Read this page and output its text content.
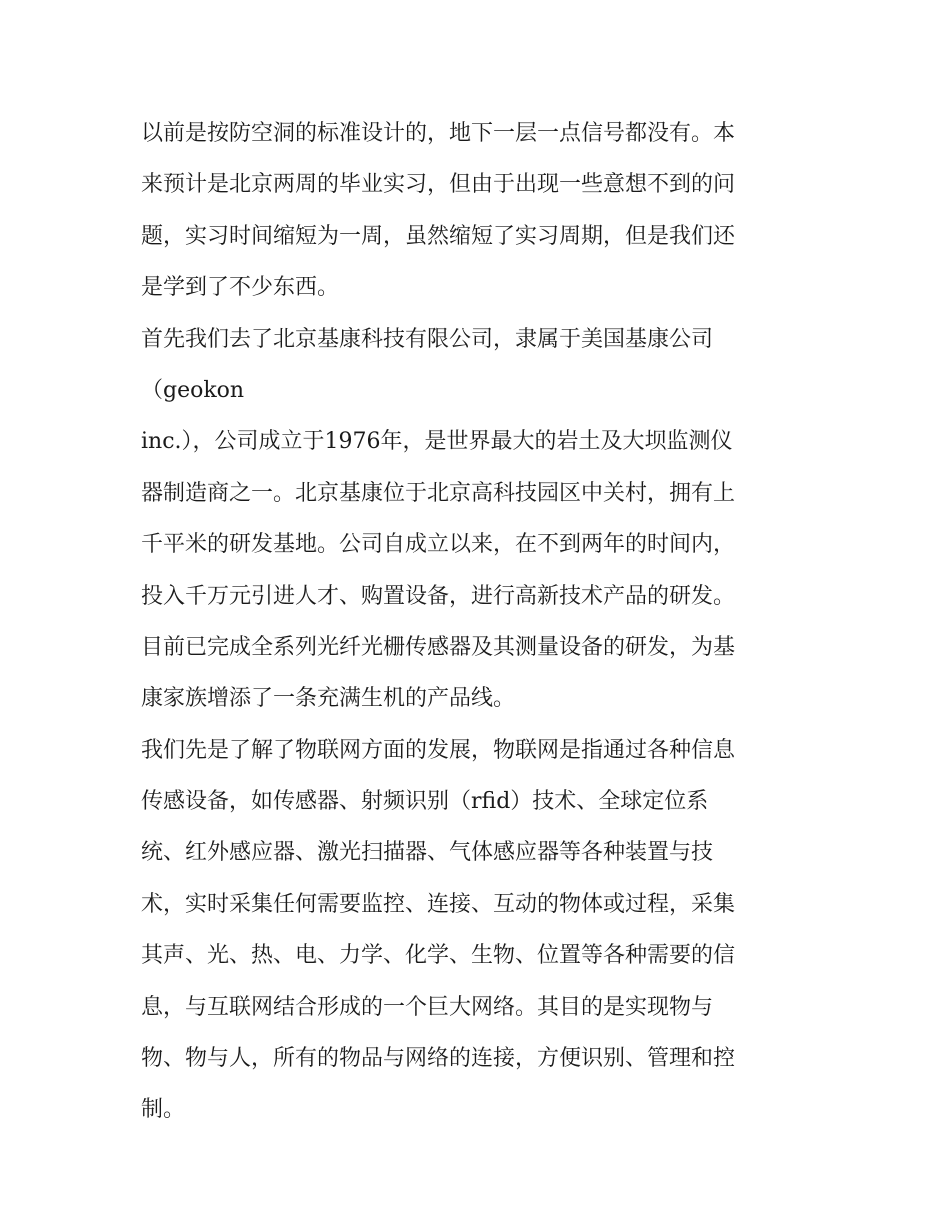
以前是按防空洞的标准设计的，地下一层一点信号都没有。本
来预计是北京两周的毕业实习，但由于出现一些意想不到的问
题，实习时间缩短为一周，虽然缩短了实习周期，但是我们还
是学到了不少东西。
首先我们去了北京基康科技有限公司，隶属于美国基康公司
（geokon
inc.），公司成立于1976年，是世界最大的岩土及大坝监测仪
器制造商之一。北京基康位于北京高科技园区中关村，拥有上
千平米的研发基地。公司自成立以来，在不到两年的时间内，
投入千万元引进人才、购置设备，进行高新技术产品的研发。
目前已完成全系列光纤光栅传感器及其测量设备的研发，为基
康家族增添了一条充满生机的产品线。
我们先是了解了物联网方面的发展，物联网是指通过各种信息
传感设备，如传感器、射频识别（rfid）技术、全球定位系
统、红外感应器、激光扫描器、气体感应器等各种装置与技
术，实时采集任何需要监控、连接、互动的物体或过程，采集
其声、光、热、电、力学、化学、生物、位置等各种需要的信
息，与互联网结合形成的一个巨大网络。其目的是实现物与
物、物与人，所有的物品与网络的连接，方便识别、管理和控
制。
